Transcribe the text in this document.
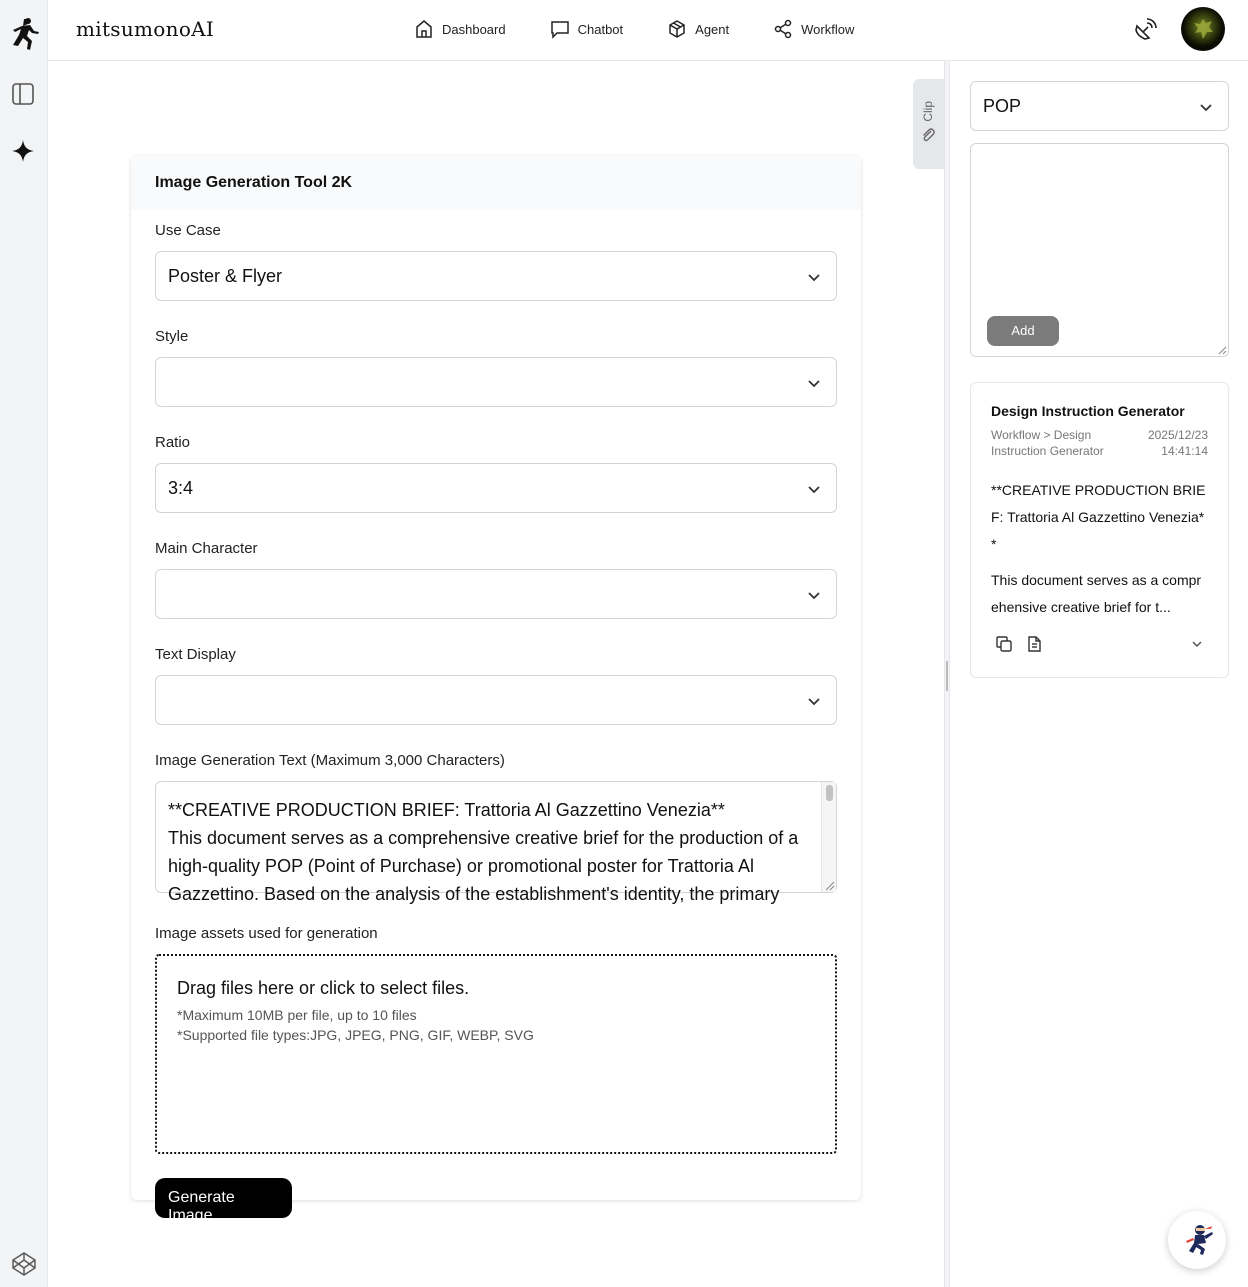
mitsumonoAI	Dashboard	Chatbot	Agent	Workflow
Image Generation Tool 2K
Use Case
Poster & Flyer
Style
Ratio
3:4
Main Character
Text Display
Image Generation Text (Maximum 3,000 Characters)
**CREATIVE PRODUCTION BRIEF: Trattoria Al Gazzettino Venezia**
This document serves as a comprehensive creative brief for the production of a high-quality POP (Point of Purchase) or promotional poster for Trattoria Al Gazzettino. Based on the analysis of the establishment's identity, the primary
Image assets used for generation
Drag files here or click to select files.
*Maximum 10MB per file, up to 10 files
*Supported file types:JPG, JPEG, PNG, GIF, WEBP, SVG
Generate Image
Clip	POP
Add
Design Instruction Generator
Workflow > Design Instruction Generator
2025/12/23
14:41:14

**CREATIVE PRODUCTION BRIEF: Trattoria Al Gazzettino Venezia**

This document serves as a comprehensive creative brief for t...
